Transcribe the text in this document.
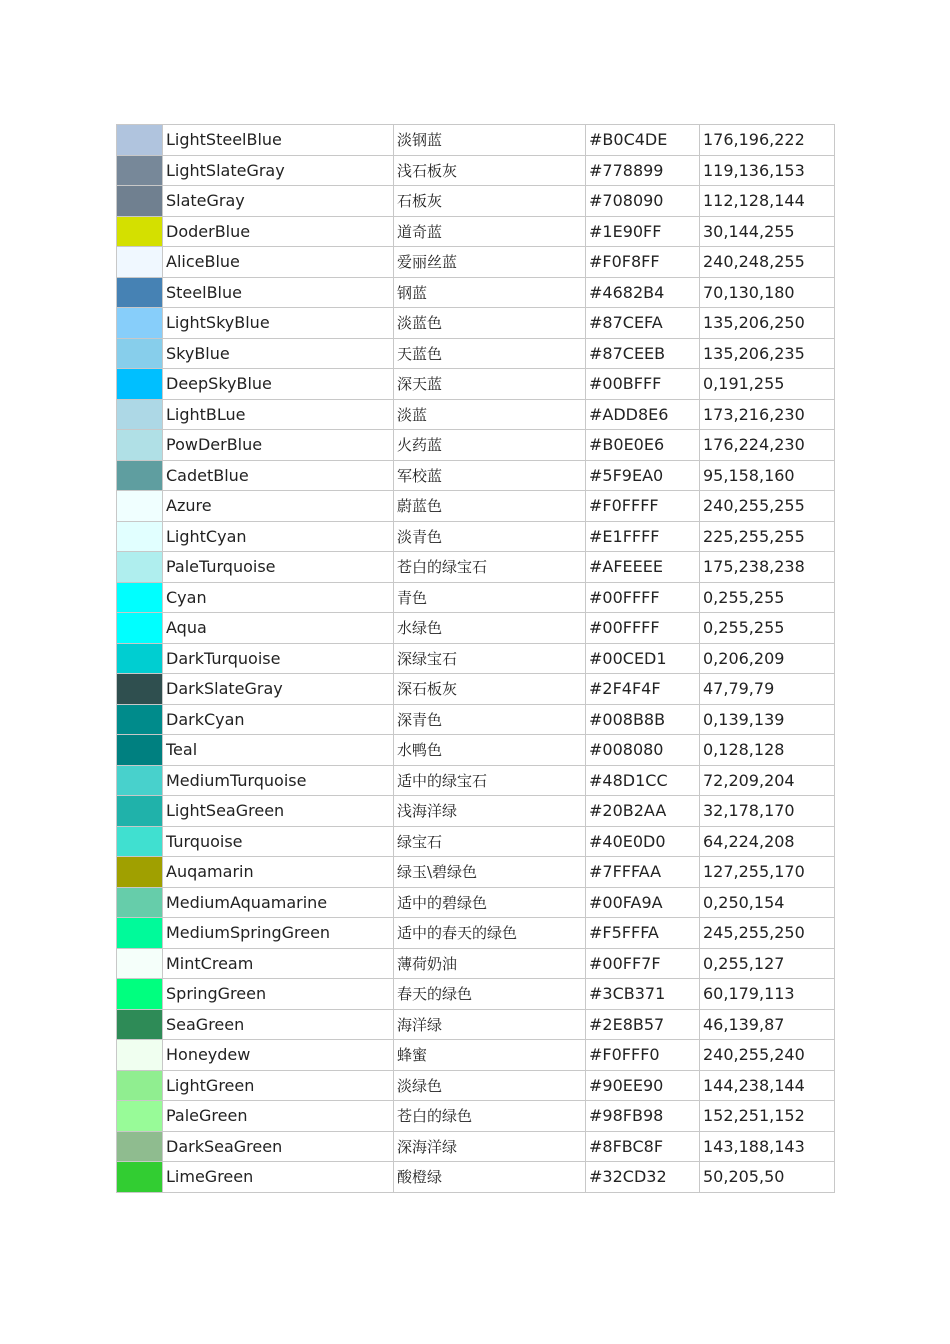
	LightSteelBlue	淡钢蓝	#B0C4DE	176,196,222
	LightSlateGray	浅石板灰	#778899	119,136,153
	SlateGray	石板灰	#708090	112,128,144
	DoderBlue	道奇蓝	#1E90FF	30,144,255
	AliceBlue	爱丽丝蓝	#F0F8FF	240,248,255
	SteelBlue	钢蓝	#4682B4	70,130,180
	LightSkyBlue	淡蓝色	#87CEFA	135,206,250
	SkyBlue	天蓝色	#87CEEB	135,206,235
	DeepSkyBlue	深天蓝	#00BFFF	0,191,255
	LightBLue	淡蓝	#ADD8E6	173,216,230
	PowDerBlue	火药蓝	#B0E0E6	176,224,230
	CadetBlue	军校蓝	#5F9EA0	95,158,160
	Azure	蔚蓝色	#F0FFFF	240,255,255
	LightCyan	淡青色	#E1FFFF	225,255,255
	PaleTurquoise	苍白的绿宝石	#AFEEEE	175,238,238
	Cyan	青色	#00FFFF	0,255,255
	Aqua	水绿色	#00FFFF	0,255,255
	DarkTurquoise	深绿宝石	#00CED1	0,206,209
	DarkSlateGray	深石板灰	#2F4F4F	47,79,79
	DarkCyan	深青色	#008B8B	0,139,139
	Teal	水鸭色	#008080	0,128,128
	MediumTurquoise	适中的绿宝石	#48D1CC	72,209,204
	LightSeaGreen	浅海洋绿	#20B2AA	32,178,170
	Turquoise	绿宝石	#40E0D0	64,224,208
	Auqamarin	绿玉\碧绿色	#7FFFAA	127,255,170
	MediumAquamarine	适中的碧绿色	#00FA9A	0,250,154
	MediumSpringGreen	适中的春天的绿色	#F5FFFA	245,255,250
	MintCream	薄荷奶油	#00FF7F	0,255,127
	SpringGreen	春天的绿色	#3CB371	60,179,113
	SeaGreen	海洋绿	#2E8B57	46,139,87
	Honeydew	蜂蜜	#F0FFF0	240,255,240
	LightGreen	淡绿色	#90EE90	144,238,144
	PaleGreen	苍白的绿色	#98FB98	152,251,152
	DarkSeaGreen	深海洋绿	#8FBC8F	143,188,143
	LimeGreen	酸橙绿	#32CD32	50,205,50
